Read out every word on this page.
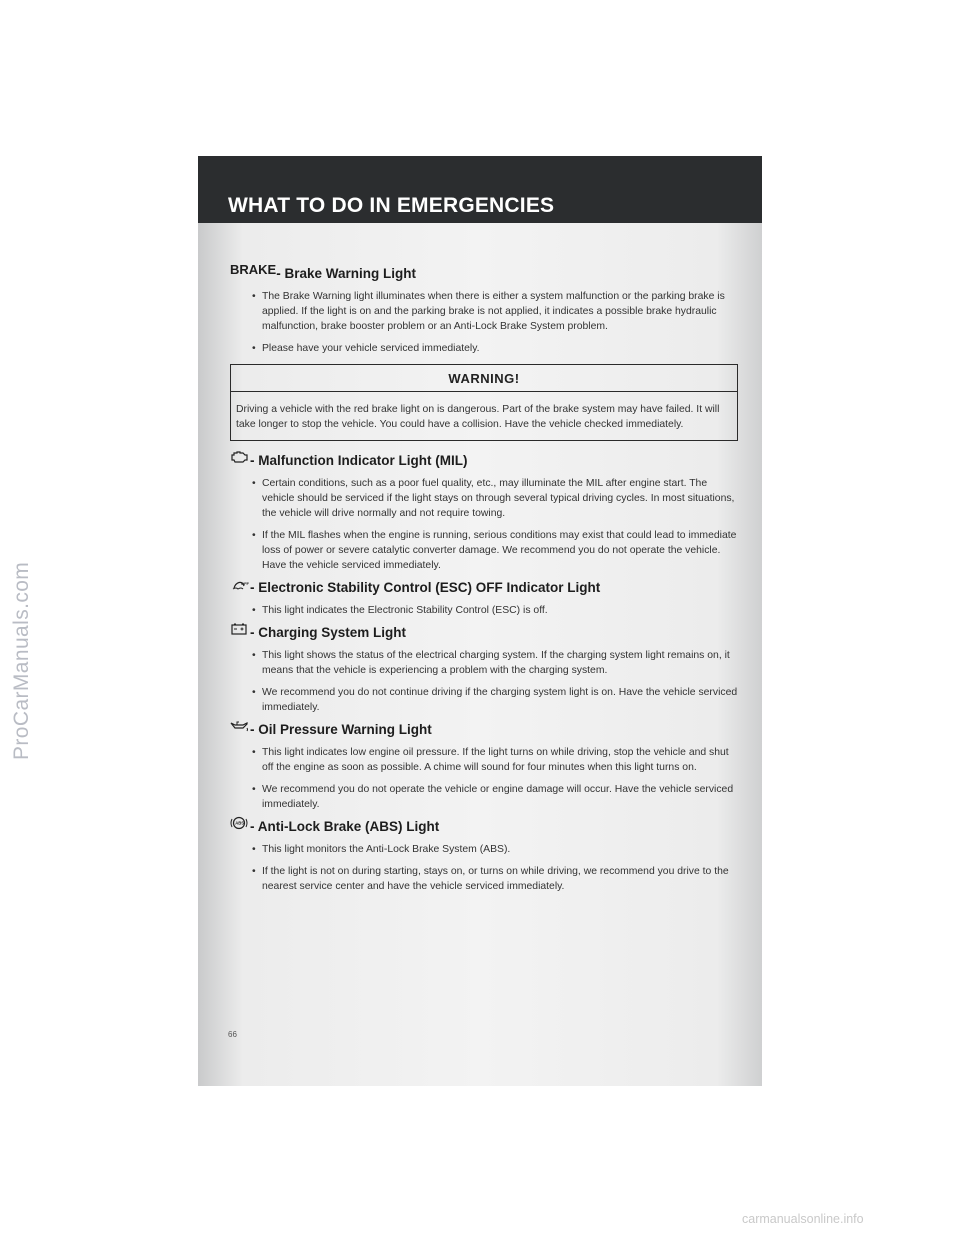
WHAT TO DO IN EMERGENCIES
BRAKE - Brake Warning Light
• The Brake Warning light illuminates when there is either a system malfunction or the parking brake is applied. If the light is on and the parking brake is not applied, it indicates a possible brake hydraulic malfunction, brake booster problem or an Anti-Lock Brake System problem.
• Please have your vehicle serviced immediately.
WARNING!
Driving a vehicle with the red brake light on is dangerous. Part of the brake system may have failed. It will take longer to stop the vehicle. You could have a collision. Have the vehicle checked immediately.
- Malfunction Indicator Light (MIL)
• Certain conditions, such as a poor fuel quality, etc., may illuminate the MIL after engine start. The vehicle should be serviced if the light stays on through several typical driving cycles. In most situations, the vehicle will drive normally and not require towing.
• If the MIL flashes when the engine is running, serious conditions may exist that could lead to immediate loss of power or severe catalytic converter damage. We recommend you do not operate the vehicle. Have the vehicle serviced immediately.
OFF - Electronic Stability Control (ESC) OFF Indicator Light
• This light indicates the Electronic Stability Control (ESC) is off.
- Charging System Light
• This light shows the status of the electrical charging system. If the charging system light remains on, it means that the vehicle is experiencing a problem with the charging system.
• We recommend you do not continue driving if the charging system light is on. Have the vehicle serviced immediately.
- Oil Pressure Warning Light
• This light indicates low engine oil pressure. If the light turns on while driving, stop the vehicle and shut off the engine as soon as possible. A chime will sound for four minutes when this light turns on.
• We recommend you do not operate the vehicle or engine damage will occur. Have the vehicle serviced immediately.
ABS - Anti-Lock Brake (ABS) Light
• This light monitors the Anti-Lock Brake System (ABS).
• If the light is not on during starting, stays on, or turns on while driving, we recommend you drive to the nearest service center and have the vehicle serviced immediately.
66
ProCarManuals.com
carmanualsonline.info
